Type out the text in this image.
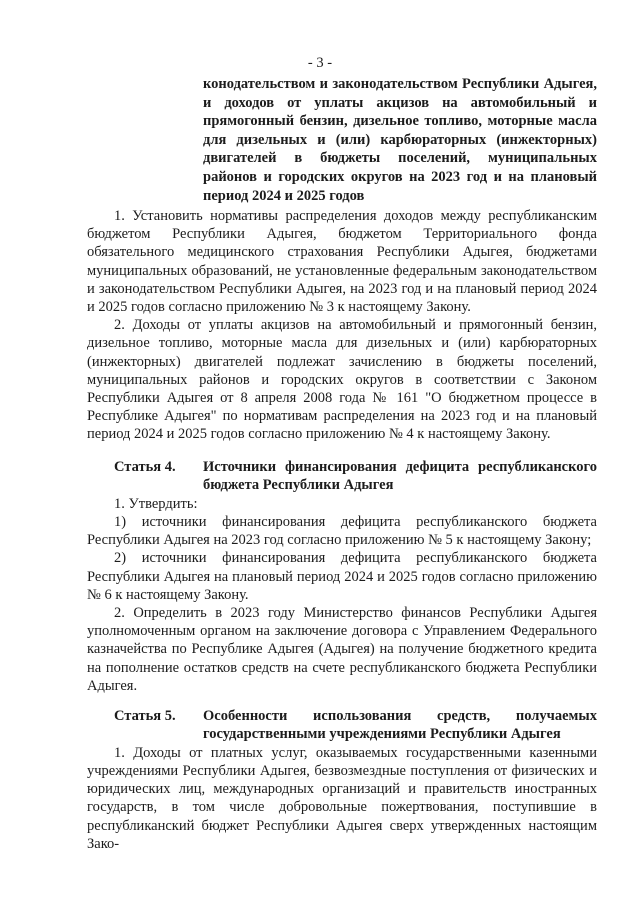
- 3 -
конодательством и законодательством Республики Адыгея, и доходов от уплаты акцизов на автомобильный и прямогонный бензин, дизельное топливо, моторные масла для дизельных и (или) карбюраторных (инжекторных) двигателей в бюджеты поселений, муниципальных районов и городских округов на 2023 год и на плановый период 2024 и 2025 годов

1. Установить нормативы распределения доходов между республиканским бюджетом Республики Адыгея, бюджетом Территориального фонда обязательного медицинского страхования Республики Адыгея, бюджетами муниципальных образований, не установленные федеральным законодательством и законодательством Республики Адыгея, на 2023 год и на плановый период 2024 и 2025 годов согласно приложению № 3 к настоящему Закону.

2. Доходы от уплаты акцизов на автомобильный и прямогонный бензин, дизельное топливо, моторные масла для дизельных и (или) карбюраторных (инжекторных) двигателей подлежат зачислению в бюджеты поселений, муниципальных районов и городских округов в соответствии с Законом Республики Адыгея от 8 апреля 2008 года № 161 "О бюджетном процессе в Республике Адыгея" по нормативам распределения на 2023 год и на плановый период 2024 и 2025 годов согласно приложению № 4 к настоящему Закону.

Статья 4.	Источники финансирования дефицита республиканского бюджета Республики Адыгея

1. Утвердить:

1) источники финансирования дефицита республиканского бюджета Республики Адыгея на 2023 год согласно приложению № 5 к настоящему Закону;

2) источники финансирования дефицита республиканского бюджета Республики Адыгея на плановый период 2024 и 2025 годов согласно приложению № 6 к настоящему Закону.

2. Определить в 2023 году Министерство финансов Республики Адыгея уполномоченным органом на заключение договора с Управлением Федерального казначейства по Республике Адыгея (Адыгея) на получение бюджетного кредита на пополнение остатков средств на счете республиканского бюджета Республики Адыгея.

Статья 5.	Особенности использования средств, получаемых государственными учреждениями Республики Адыгея

1. Доходы от платных услуг, оказываемых государственными казенными учреждениями Республики Адыгея, безвозмездные поступления от физических и юридических лиц, международных организаций и правительств иностранных государств, в том числе добровольные пожертвования, поступившие в республиканский бюджет Республики Адыгея сверх утвержденных настоящим Зако-
